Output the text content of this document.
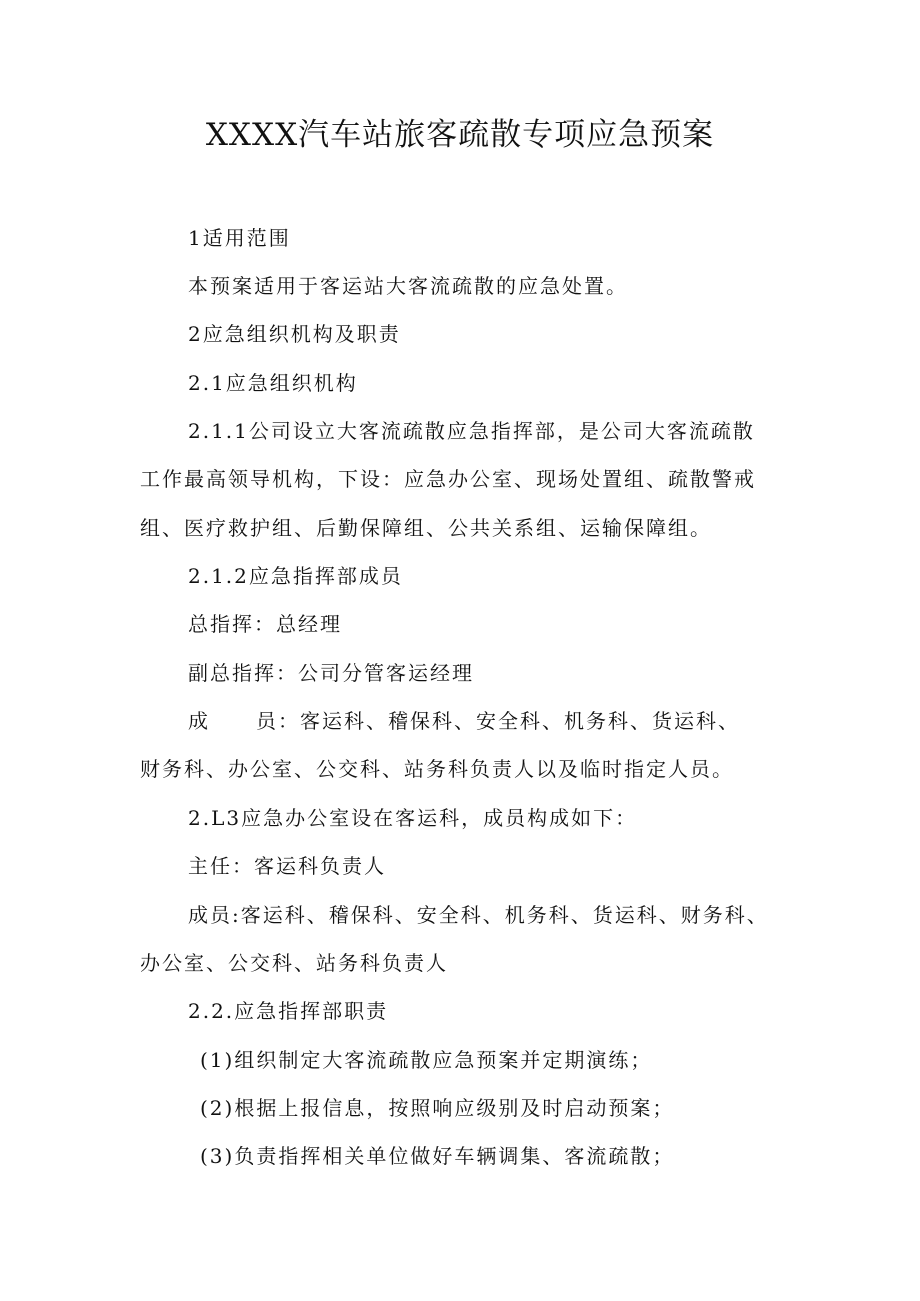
XXXX汽车站旅客疏散专项应急预案

1适用范围

本预案适用于客运站大客流疏散的应急处置。

2应急组织机构及职责

2.1应急组织机构

2.1.1公司设立大客流疏散应急指挥部，是公司大客流疏散

工作最高领导机构，下设：应急办公室、现场处置组、疏散警戒

组、医疗救护组、后勤保障组、公共关系组、运输保障组。

2.1.2应急指挥部成员

总指挥：总经理

副总指挥：公司分管客运经理

成 员：客运科、稽保科、安全科、机务科、货运科、

财务科、办公室、公交科、站务科负责人以及临时指定人员。

2.L3应急办公室设在客运科，成员构成如下：

主任：客运科负责人

成员:客运科、稽保科、安全科、机务科、货运科、财务科、

办公室、公交科、站务科负责人

2.2.应急指挥部职责

(1)组织制定大客流疏散应急预案并定期演练；

(2)根据上报信息，按照响应级别及时启动预案；

(3)负责指挥相关单位做好车辆调集、客流疏散；
